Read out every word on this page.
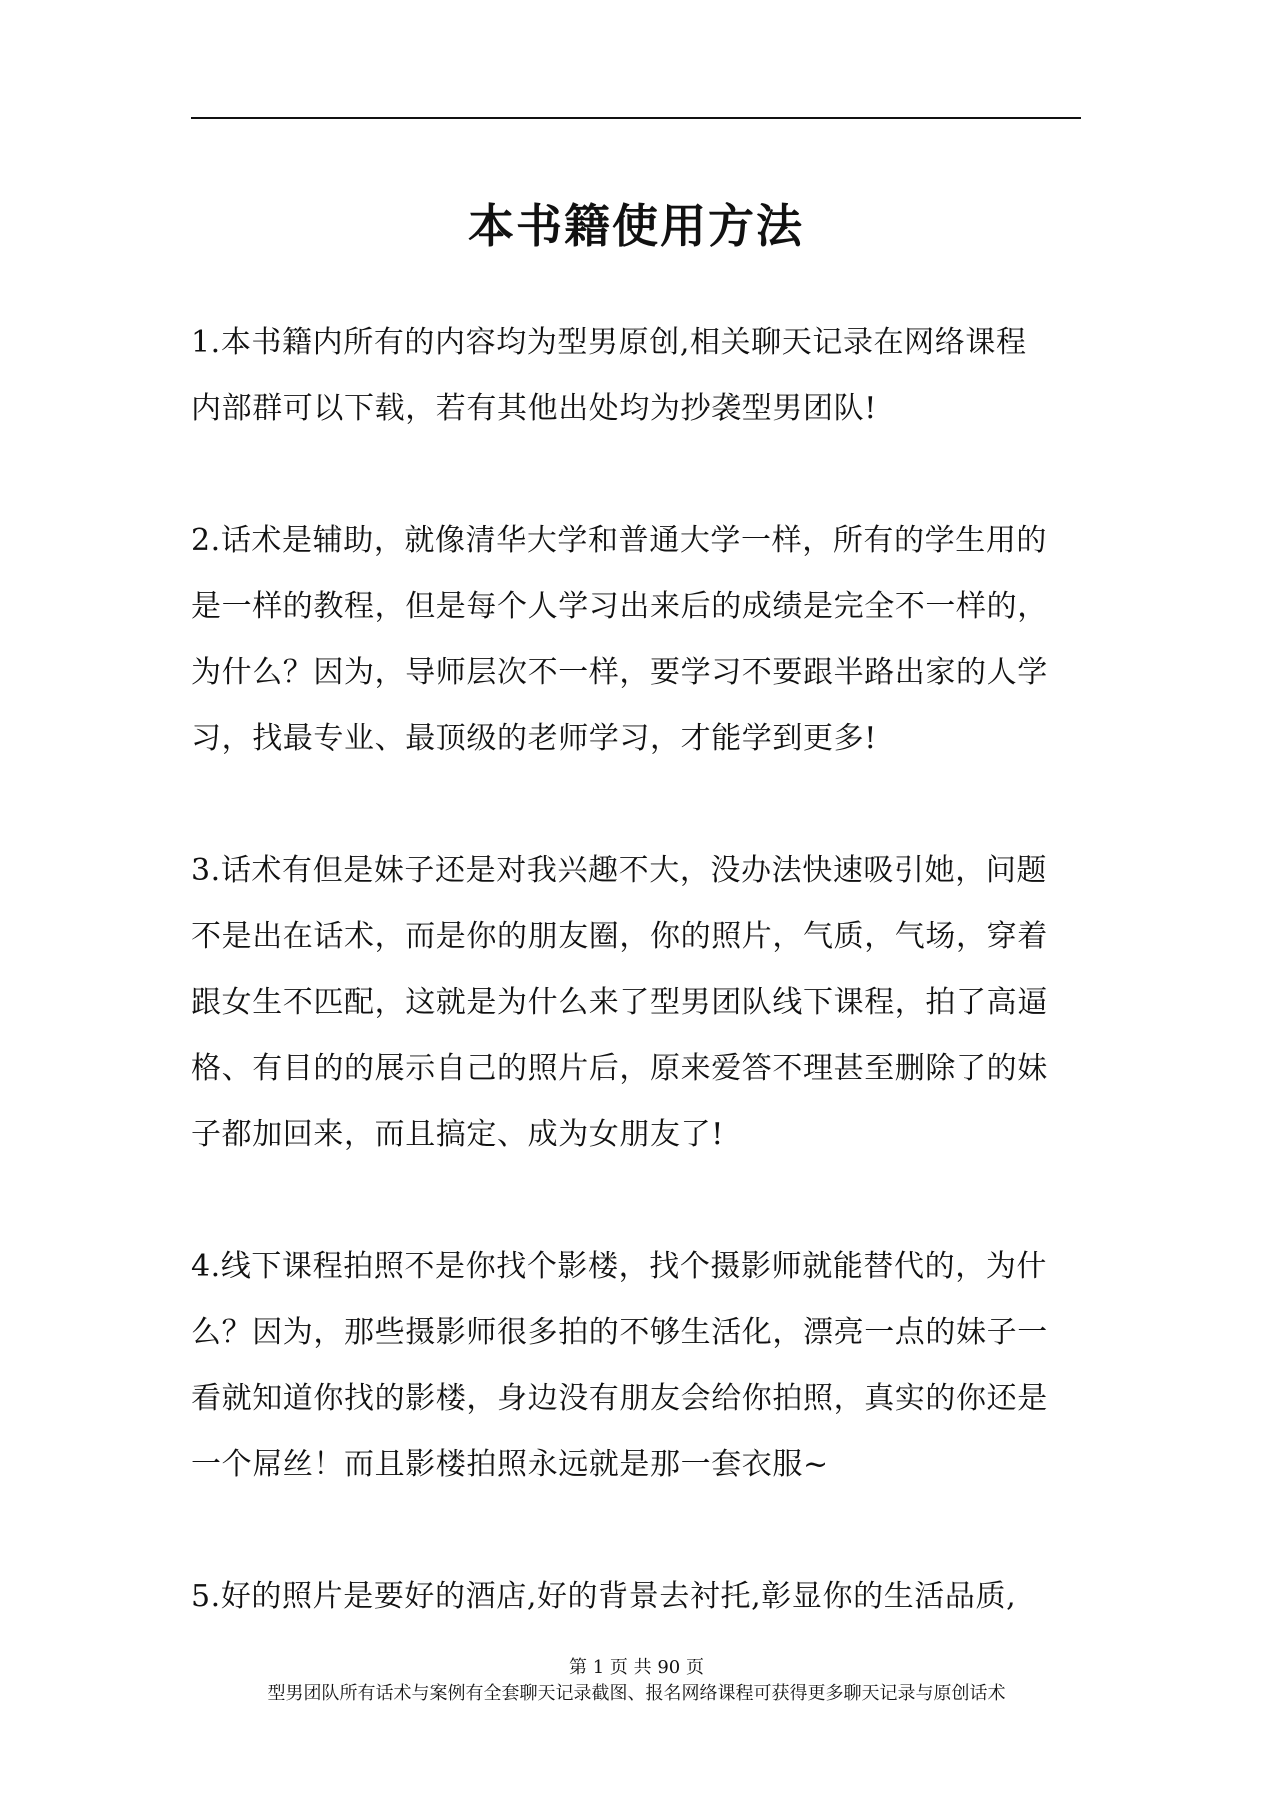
本书籍使用方法
1.本书籍内所有的内容均为型男原创,相关聊天记录在网络课程
内部群可以下载，若有其他出处均为抄袭型男团队!
2.话术是辅助，就像清华大学和普通大学一样，所有的学生用的
是一样的教程，但是每个人学习出来后的成绩是完全不一样的，
为什么？因为，导师层次不一样，要学习不要跟半路出家的人学
习，找最专业、最顶级的老师学习，才能学到更多!
3.话术有但是妹子还是对我兴趣不大，没办法快速吸引她，问题
不是出在话术，而是你的朋友圈，你的照片，气质，气场，穿着
跟女生不匹配，这就是为什么来了型男团队线下课程，拍了高逼
格、有目的的展示自己的照片后，原来爱答不理甚至删除了的妹
子都加回来，而且搞定、成为女朋友了!
4.线下课程拍照不是你找个影楼，找个摄影师就能替代的，为什
么？因为，那些摄影师很多拍的不够生活化，漂亮一点的妹子一
看就知道你找的影楼，身边没有朋友会给你拍照，真实的你还是
一个屌丝！而且影楼拍照永远就是那一套衣服~
5.好的照片是要好的酒店,好的背景去衬托,彰显你的生活品质,
第 1 页 共 90 页
型男团队所有话术与案例有全套聊天记录截图、报名网络课程可获得更多聊天记录与原创话术
